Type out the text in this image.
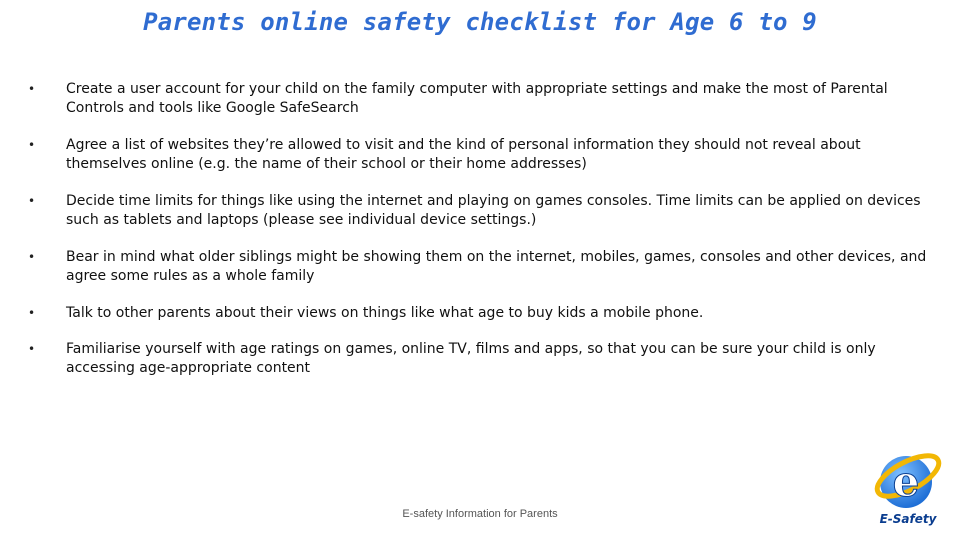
Parents online safety checklist for Age 6 to 9
• Create a user account for your child on the family computer with appropriate settings and make the most of Parental Controls and tools like Google SafeSearch
• Agree a list of websites they’re allowed to visit and the kind of personal information they should not reveal about themselves online (e.g. the name of their school or their home addresses)
• Decide time limits for things like using the internet and playing on games consoles. Time limits can be applied on devices such as tablets and laptops (please see individual device settings.)
• Bear in mind what older siblings might be showing them on the internet, mobiles, games, consoles and other devices, and agree some rules as a whole family
• Talk to other parents about their views on things like what age to buy kids a mobile phone.
• Familiarise yourself with age ratings on games, online TV, films and apps, so that you can be sure your child is only accessing age-appropriate content
E-safety Information for Parents
e
E-Safety
